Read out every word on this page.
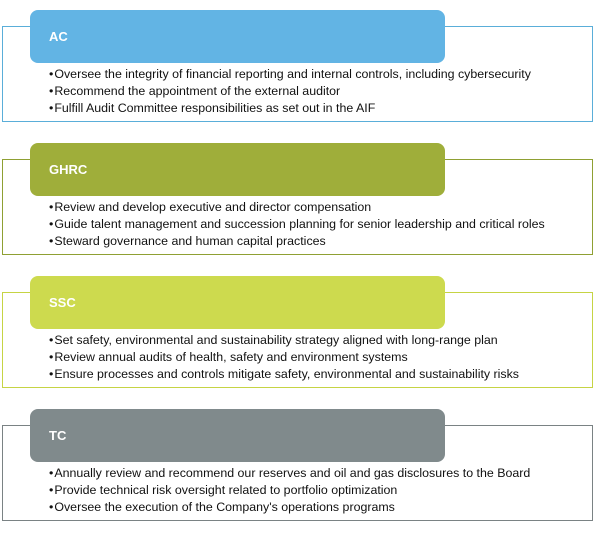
• Oversee the integrity of financial reporting and internal controls, including cybersecurity
• Recommend the appointment of the external auditor
• Fulfill Audit Committee responsibilities as set out in the AIF
AC
• Review and develop executive and director compensation
• Guide talent management and succession planning for senior leadership and critical roles
• Steward governance and human capital practices
GHRC
• Set safety, environmental and sustainability strategy aligned with long-range plan
• Review annual audits of health, safety and environment systems
• Ensure processes and controls mitigate safety, environmental and sustainability risks
SSC
• Annually review and recommend our reserves and oil and gas disclosures to the Board
• Provide technical risk oversight related to portfolio optimization
• Oversee the execution of the Company's operations programs
TC
